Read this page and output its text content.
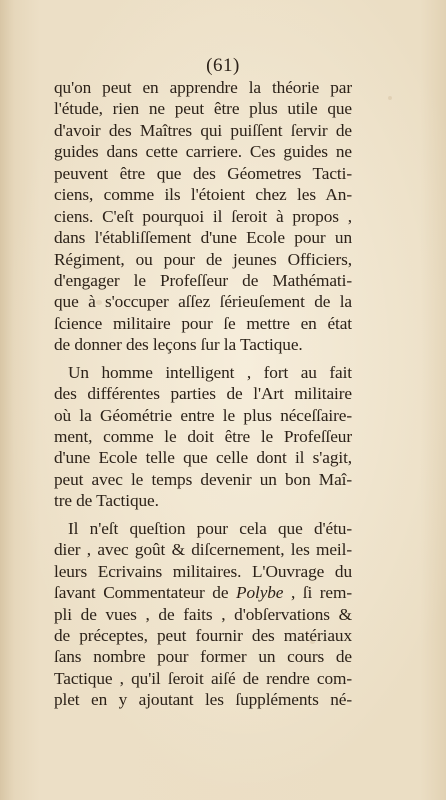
(61)
qu'on peut en apprendre la théorie par
l'étude, rien ne peut être plus utile que
d'avoir des Maîtres qui puiſſent ſervir de
guides dans cette carriere. Ces guides ne
peuvent être que des Géometres Tacti-
ciens, comme ils l'étoient chez les An-
ciens. C'eſt pourquoi il ſeroit à propos ,
dans l'établiſſement d'une Ecole pour un
Régiment, ou pour de jeunes Officiers,
d'engager le Profeſſeur de Mathémati-
que à s'occuper aſſez ſérieuſement de la
ſcience militaire pour ſe mettre en état
de donner des leçons ſur la Tactique.
Un homme intelligent , fort au fait
des différentes parties de l'Art militaire
où la Géométrie entre le plus néceſſaire-
ment, comme le doit être le Profeſſeur
d'une Ecole telle que celle dont il s'agit,
peut avec le temps devenir un bon Maî-
tre de Tactique.
Il n'eſt queſtion pour cela que d'étu-
dier , avec goût & diſcernement, les meil-
leurs Ecrivains militaires. L'Ouvrage du
ſavant Commentateur de Polybe , ſi rem-
pli de vues , de faits , d'obſervations &
de préceptes, peut fournir des matériaux
ſans nombre pour former un cours de
Tactique , qu'il ſeroit aiſé de rendre com-
plet en y ajoutant les ſuppléments né-
